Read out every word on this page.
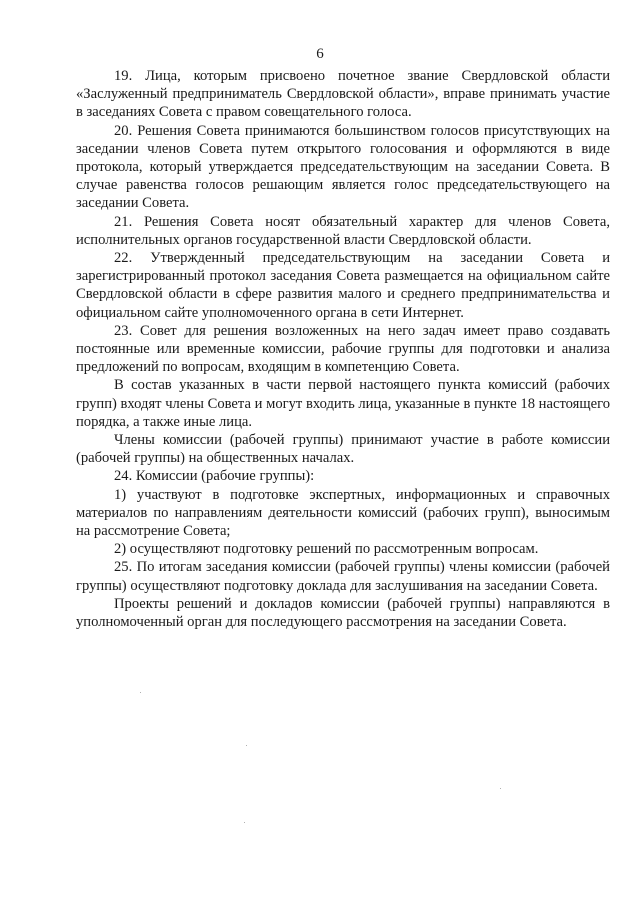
6

19. Лица, которым присвоено почетное звание Свердловской области «Заслуженный предприниматель Свердловской области», вправе принимать участие в заседаниях Совета с правом совещательного голоса.

20. Решения Совета принимаются большинством голосов присутствующих на заседании членов Совета путем открытого голосования и оформляются в виде протокола, который утверждается председательствующим на заседании Совета. В случае равенства голосов решающим является голос председательствующего на заседании Совета.

21. Решения Совета носят обязательный характер для членов Совета, исполнительных органов государственной власти Свердловской области.

22. Утвержденный председательствующим на заседании Совета и зарегистрированный протокол заседания Совета размещается на официальном сайте Свердловской области в сфере развития малого и среднего предпринимательства и официальном сайте уполномоченного органа в сети Интернет.

23. Совет для решения возложенных на него задач имеет право создавать постоянные или временные комиссии, рабочие группы для подготовки и анализа предложений по вопросам, входящим в компетенцию Совета.

В состав указанных в части первой настоящего пункта комиссий (рабочих групп) входят члены Совета и могут входить лица, указанные в пункте 18 настоящего порядка, а также иные лица.

Члены комиссии (рабочей группы) принимают участие в работе комиссии (рабочей группы) на общественных началах.

24. Комиссии (рабочие группы):

1) участвуют в подготовке экспертных, информационных и справочных материалов по направлениям деятельности комиссий (рабочих групп), выносимым на рассмотрение Совета;

2) осуществляют подготовку решений по рассмотренным вопросам.

25. По итогам заседания комиссии (рабочей группы) члены комиссии (рабочей группы) осуществляют подготовку доклада для заслушивания на заседании Совета.

Проекты решений и докладов комиссии (рабочей группы) направляются в уполномоченный орган для последующего рассмотрения на заседании Совета.
